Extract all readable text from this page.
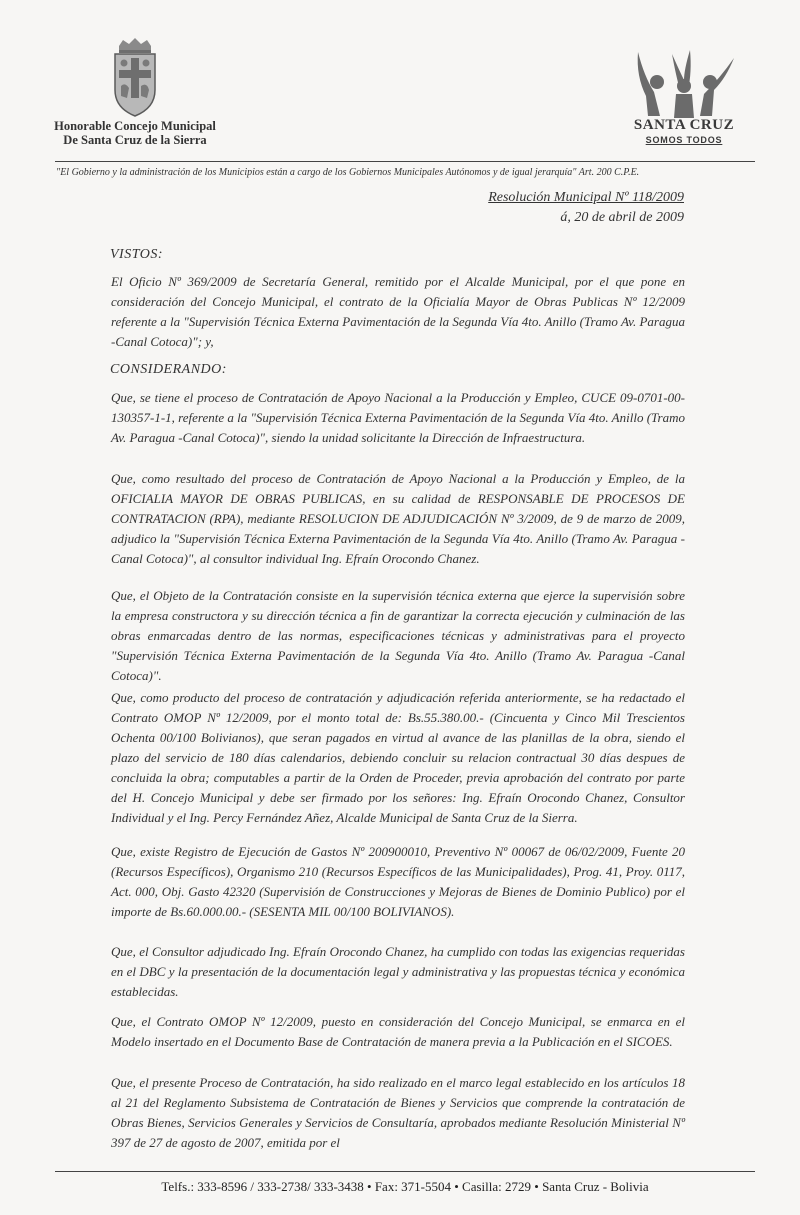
Honorable Concejo Municipal
De Santa Cruz de la Sierra
SANTA CRUZ
SOMOS TODOS
"El Gobierno y la administración de los Municipios están a cargo de los Gobiernos Municipales Autónomos y de igual jerarquía" Art. 200 C.P.E.
Resolución Municipal Nº 118/2009
á, 20 de abril de 2009
VISTOS:
El Oficio Nº 369/2009 de Secretaría General, remitido por el Alcalde Municipal, por el que pone en consideración del Concejo Municipal, el contrato de la Oficialía Mayor de Obras Publicas Nº 12/2009 referente a la "Supervisión Técnica Externa Pavimentación de la Segunda Vía 4to. Anillo (Tramo Av. Paragua -Canal Cotoca)"; y,
CONSIDERANDO:
Que, se tiene el proceso de Contratación de Apoyo Nacional a la Producción y Empleo, CUCE 09-0701-00-130357-1-1, referente a la "Supervisión Técnica Externa Pavimentación de la Segunda Vía 4to. Anillo (Tramo Av. Paragua -Canal Cotoca)", siendo la unidad solicitante la Dirección de Infraestructura.
Que, como resultado del proceso de Contratación de Apoyo Nacional a la Producción y Empleo, de la OFICIALIA MAYOR DE OBRAS PUBLICAS, en su calidad de RESPONSABLE DE PROCESOS DE CONTRATACION (RPA), mediante RESOLUCION DE ADJUDICACIÓN Nº 3/2009, de 9 de marzo de 2009, adjudico la "Supervisión Técnica Externa Pavimentación de la Segunda Vía 4to. Anillo (Tramo Av. Paragua -Canal Cotoca)", al consultor individual Ing. Efraín Orocondo Chanez.
Que, el Objeto de la Contratación consiste en la supervisión técnica externa que ejerce la supervisión sobre la empresa constructora y su dirección técnica a fin de garantizar la correcta ejecución y culminación de las obras enmarcadas dentro de las normas, especificaciones técnicas y administrativas para el proyecto "Supervisión Técnica Externa Pavimentación de la Segunda Vía 4to. Anillo (Tramo Av. Paragua -Canal Cotoca)".
Que, como producto del proceso de contratación y adjudicación referida anteriormente, se ha redactado el Contrato OMOP Nº 12/2009, por el monto total de: Bs.55.380.00.- (Cincuenta y Cinco Mil Trescientos Ochenta 00/100 Bolivianos), que seran pagados en virtud al avance de las planillas de la obra, siendo el plazo del servicio de 180 días calendarios, debiendo concluir su relacion contractual 30 días despues de concluida la obra; computables a partir de la Orden de Proceder, previa aprobación del contrato por parte del H. Concejo Municipal y debe ser firmado por los señores: Ing. Efraín Orocondo Chanez, Consultor Individual y el Ing. Percy Fernández Añez, Alcalde Municipal de Santa Cruz de la Sierra.
Que, existe Registro de Ejecución de Gastos Nº 200900010, Preventivo Nº 00067 de 06/02/2009, Fuente 20 (Recursos Específicos), Organismo 210 (Recursos Específicos de las Municipalidades), Prog. 41, Proy. 0117, Act. 000, Obj. Gasto 42320 (Supervisión de Construcciones y Mejoras de Bienes de Dominio Publico) por el importe de Bs.60.000.00.- (SESENTA MIL 00/100 BOLIVIANOS).
Que, el Consultor adjudicado Ing. Efraín Orocondo Chanez, ha cumplido con todas las exigencias requeridas en el DBC y la presentación de la documentación legal y administrativa y las propuestas técnica y económica establecidas.
Que, el Contrato OMOP Nº 12/2009, puesto en consideración del Concejo Municipal, se enmarca en el Modelo insertado en el Documento Base de Contratación de manera previa a la Publicación en el SICOES.
Que, el presente Proceso de Contratación, ha sido realizado en el marco legal establecido en los artículos 18 al 21 del Reglamento Subsistema de Contratación de Bienes y Servicios que comprende la contratación de Obras Bienes, Servicios Generales y Servicios de Consultaría, aprobados mediante Resolución Ministerial Nº 397 de 27 de agosto de 2007, emitida por el
Telfs.: 333-8596 / 333-2738/ 333-3438 • Fax: 371-5504 • Casilla: 2729 • Santa Cruz - Bolivia
